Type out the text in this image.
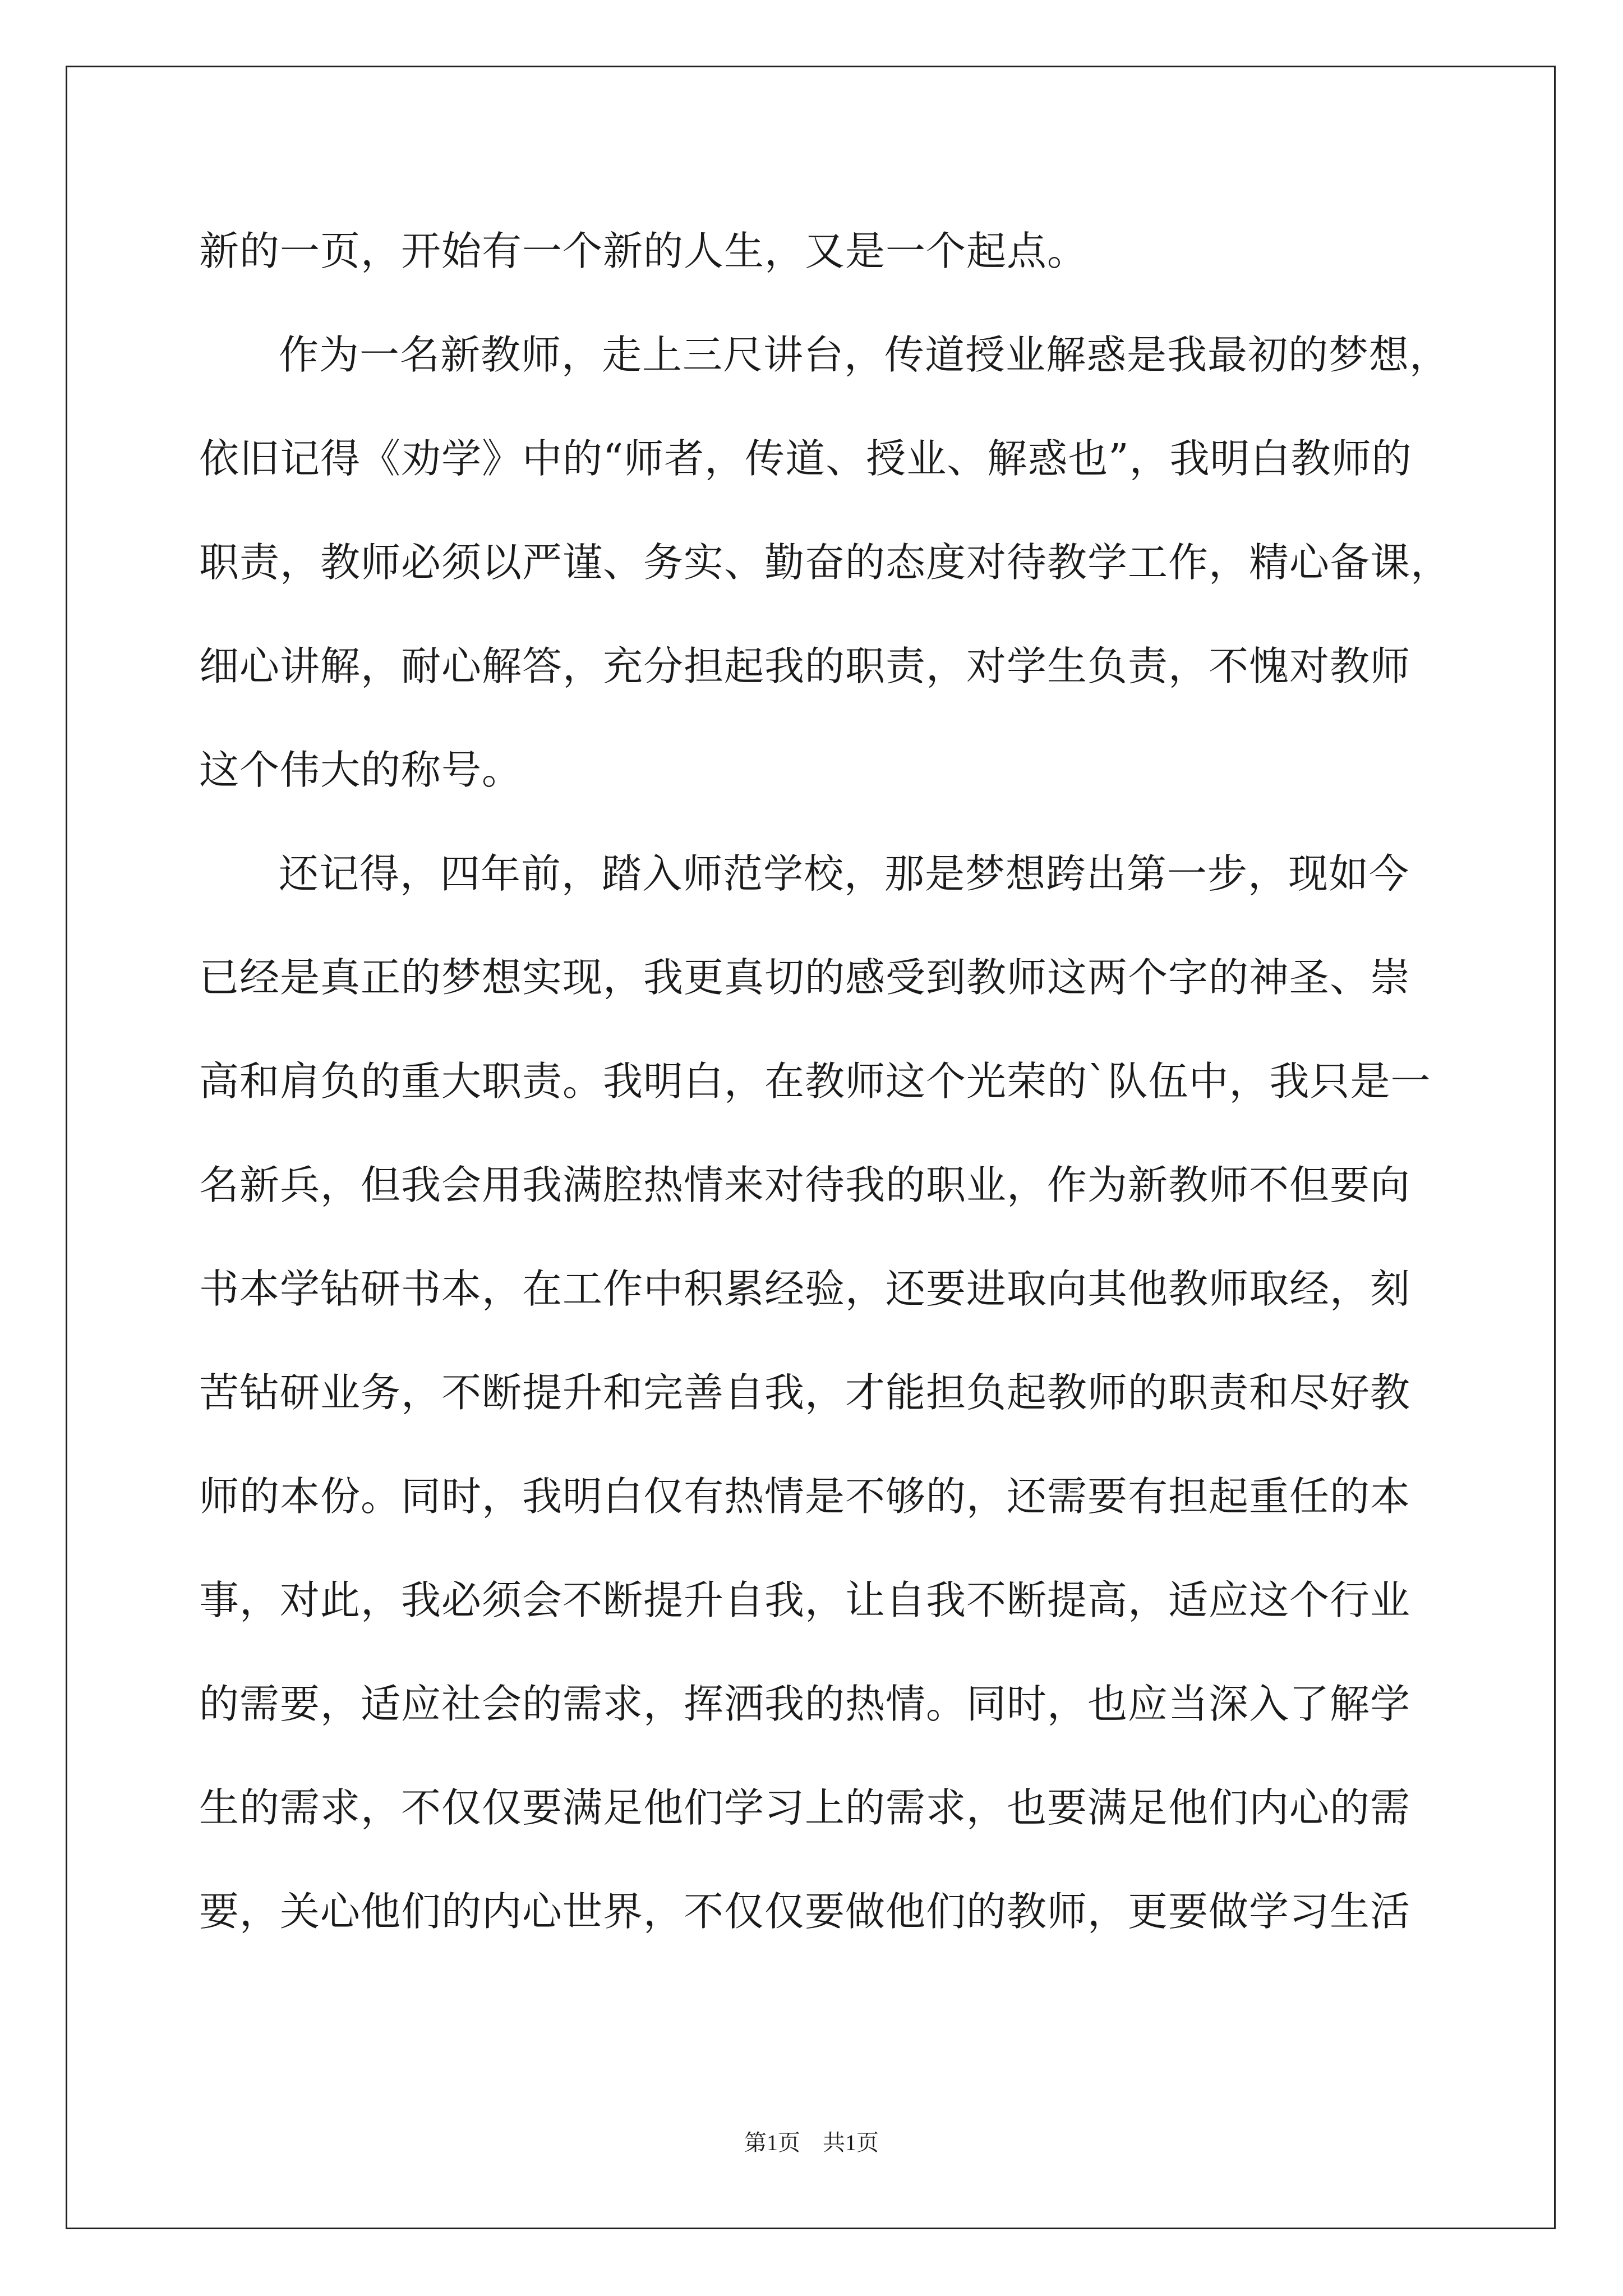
新的一页，开始有一个新的人生，又是一个起点。
作为一名新教师，走上三尺讲台，传道授业解惑是我最初的梦想，
依旧记得《劝学》中的“师者，传道、授业、解惑也”，我明白教师的
职责，教师必须以严谨、务实、勤奋的态度对待教学工作，精心备课，
细心讲解，耐心解答，充分担起我的职责，对学生负责，不愧对教师
这个伟大的称号。
还记得，四年前，踏入师范学校，那是梦想跨出第一步，现如今
已经是真正的梦想实现，我更真切的感受到教师这两个字的神圣、崇
高和肩负的重大职责。我明白，在教师这个光荣的`队伍中，我只是一
名新兵，但我会用我满腔热情来对待我的职业，作为新教师不但要向
书本学钻研书本，在工作中积累经验，还要进取向其他教师取经，刻
苦钻研业务，不断提升和完善自我，才能担负起教师的职责和尽好教
师的本份。同时，我明白仅有热情是不够的，还需要有担起重任的本
事，对此，我必须会不断提升自我，让自我不断提高，适应这个行业
的需要，适应社会的需求，挥洒我的热情。同时，也应当深入了解学
生的需求，不仅仅要满足他们学习上的需求，也要满足他们内心的需
要，关心他们的内心世界，不仅仅要做他们的教师，更要做学习生活
第1页　共1页
